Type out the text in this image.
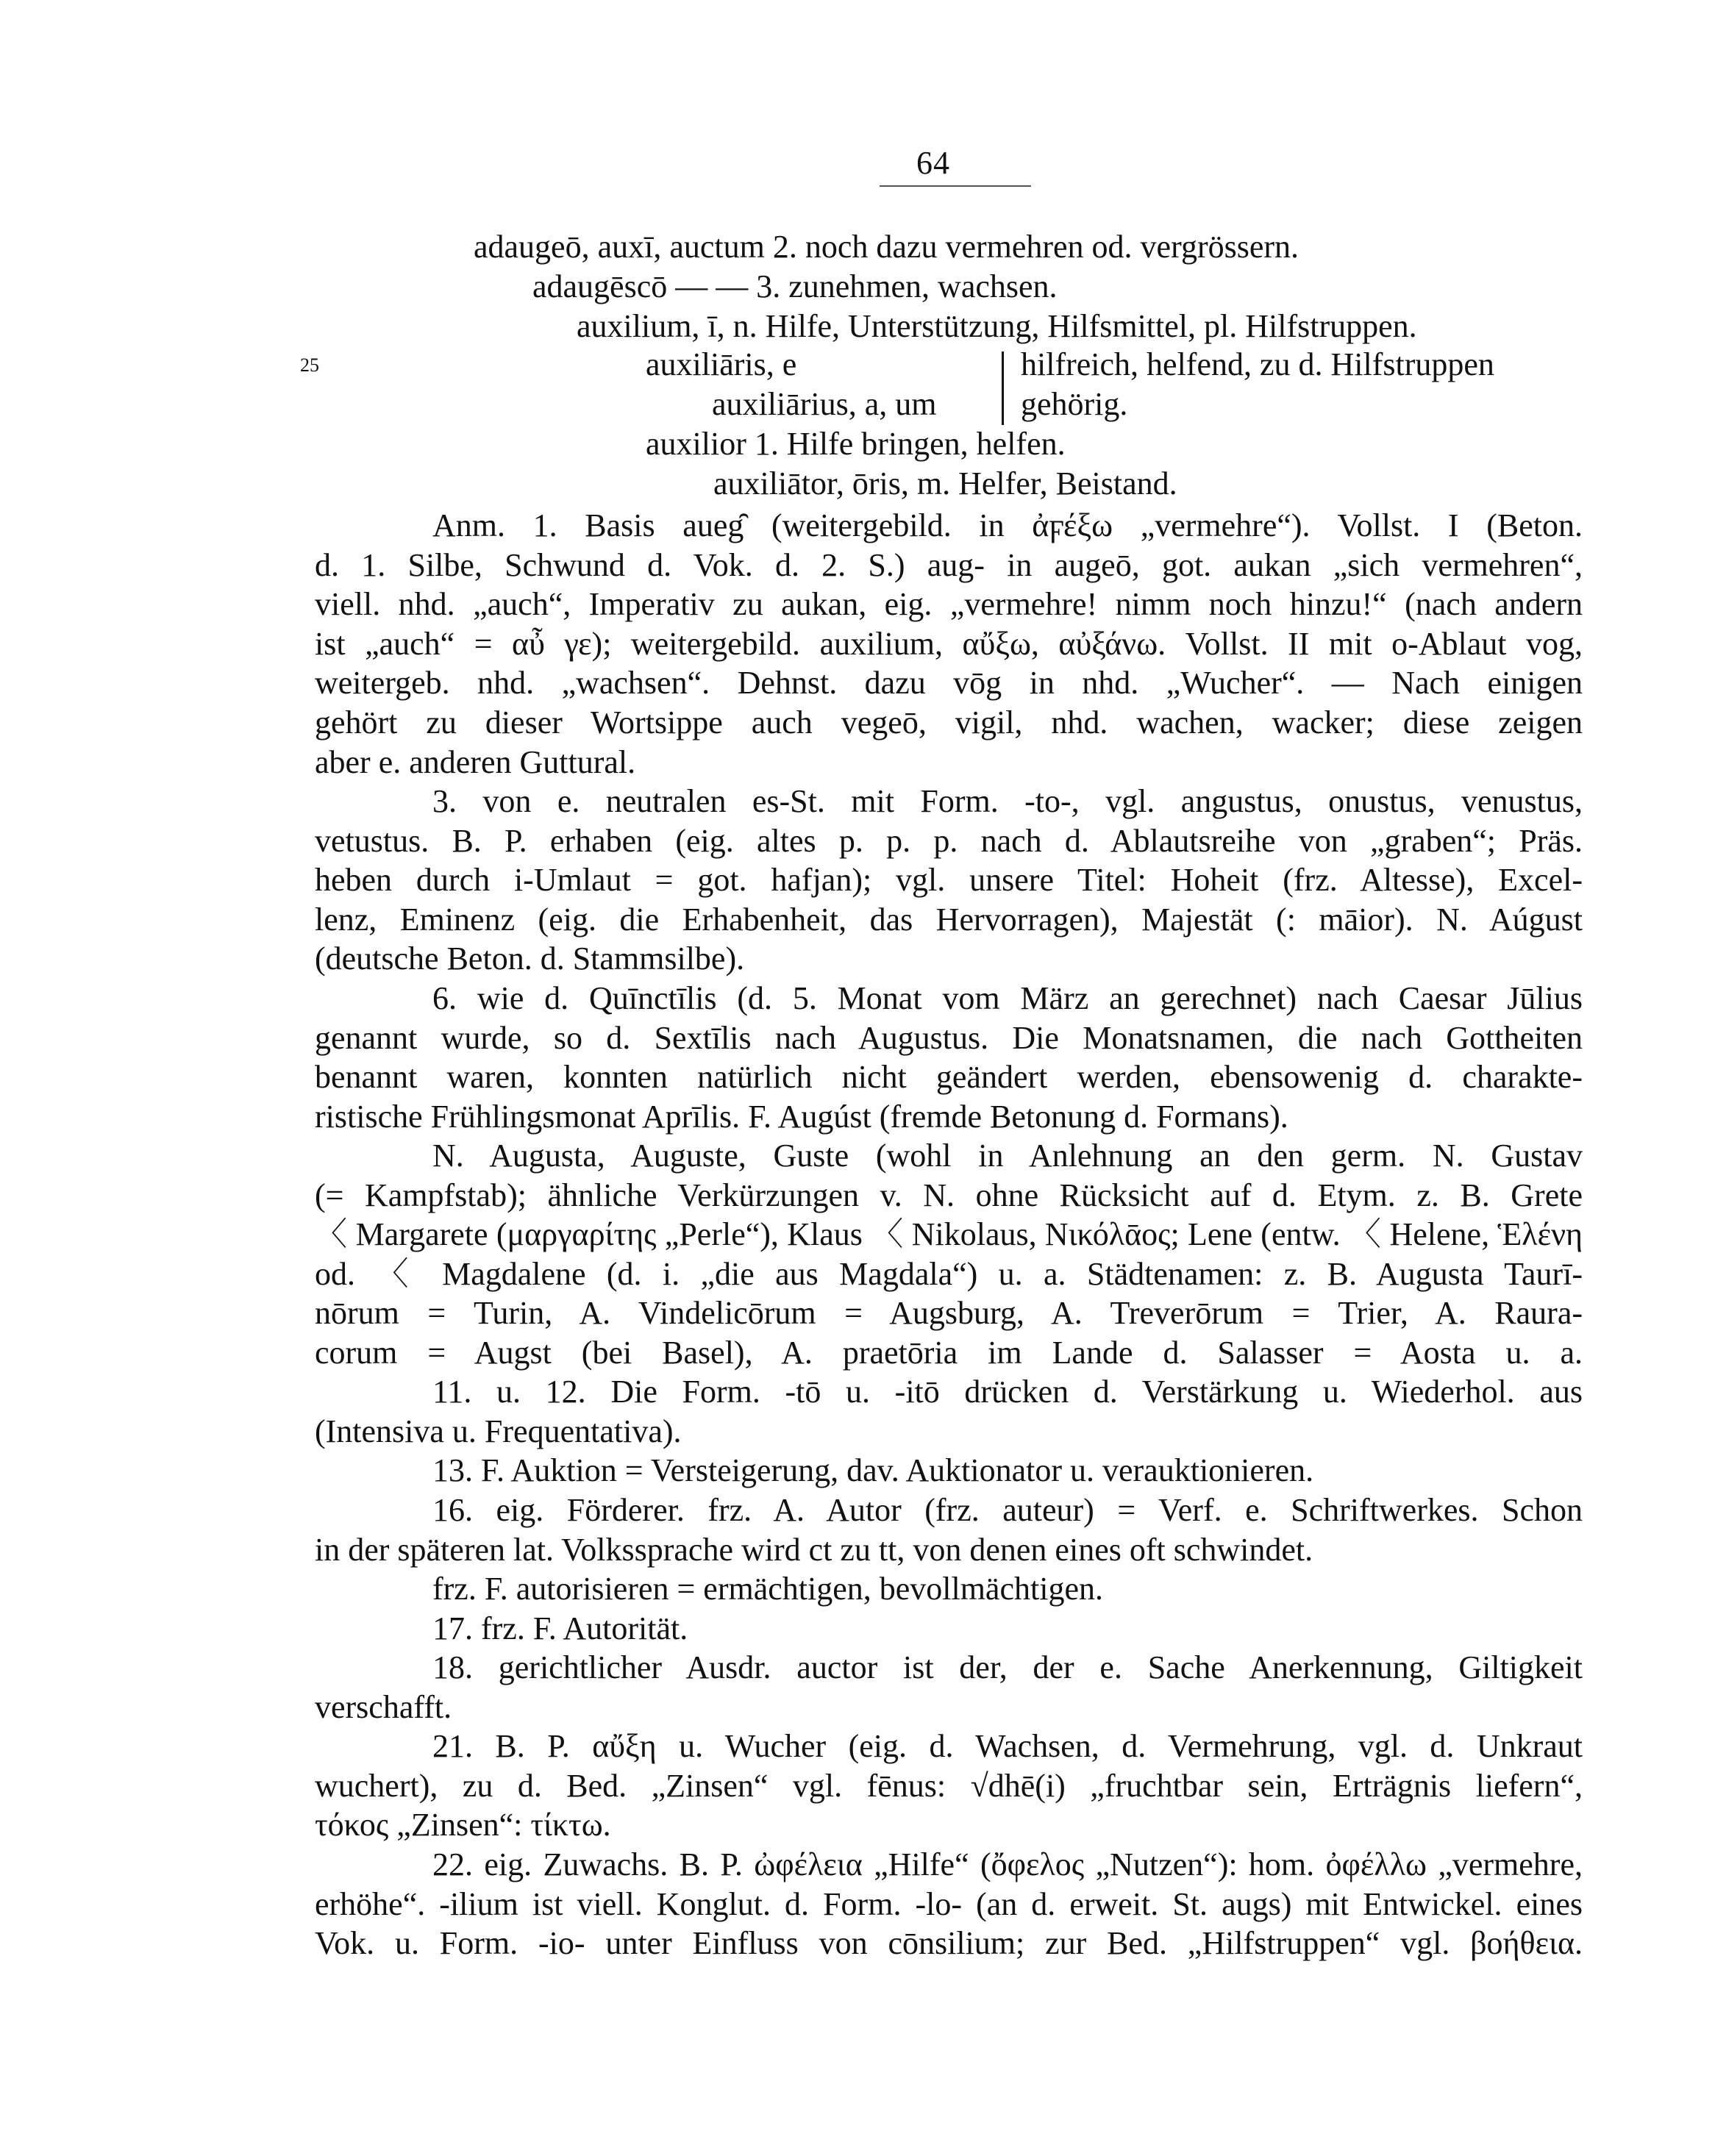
64
25
adaugeō, auxī, auctum 2. noch dazu vermehren od. vergrössern.
adaugēscō — — 3. zunehmen, wachsen.
auxilium, ī, n. Hilfe, Unterstützung, Hilfsmittel, pl. Hilfstruppen.
auxiliāris, e
auxiliārius, a, um
hilfreich, helfend, zu d. Hilfstruppen
gehörig.
auxilior 1. Hilfe bringen, helfen.
auxiliātor, ōris, m. Helfer, Beistand.
Anm. 1. Basis aueg̑ (weitergebild. in ἀϝέξω „vermehre“). Vollst. I (Beton.
d. 1. Silbe, Schwund d. Vok. d. 2. S.) aug- in augeō, got. aukan „sich vermehren“,
viell. nhd. „auch“, Imperativ zu aukan, eig. „vermehre! nimm noch hinzu!“ (nach andern
ist „auch“ = αὖ γε); weitergebild. auxilium, αὔξω, αὐξάνω. Vollst. II mit o-Ablaut vog,
weitergeb. nhd. „wachsen“. Dehnst. dazu vōg in nhd. „Wucher“. — Nach einigen
gehört zu dieser Wortsippe auch vegeō, vigil, nhd. wachen, wacker; diese zeigen
aber e. anderen Guttural.
3. von e. neutralen es-St. mit Form. -to-, vgl. angustus, onustus, venustus,
vetustus. B. P. erhaben (eig. altes p. p. p. nach d. Ablautsreihe von „graben“; Präs.
heben durch i-Umlaut = got. hafjan); vgl. unsere Titel: Hoheit (frz. Altesse), Excel-
lenz, Eminenz (eig. die Erhabenheit, das Hervorragen), Majestät (: māior). N. Aúgust
(deutsche Beton. d. Stammsilbe).
6. wie d. Quīnctīlis (d. 5. Monat vom März an gerechnet) nach Caesar Jūlius
genannt wurde, so d. Sextīlis nach Augustus. Die Monatsnamen, die nach Gottheiten
benannt waren, konnten natürlich nicht geändert werden, ebensowenig d. charakte-
ristische Frühlingsmonat Aprīlis. F. Augúst (fremde Betonung d. Formans).
N. Augusta, Auguste, Guste (wohl in Anlehnung an den germ. N. Gustav
(= Kampfstab); ähnliche Verkürzungen v. N. ohne Rücksicht auf d. Etym. z. B. Grete
〈 Margarete (μαργαρίτης „Perle“), Klaus 〈 Nikolaus, Νικόλᾱος; Lene (entw. 〈 Helene, Ἑλένη
od. 〈 Magdalene (d. i. „die aus Magdala“) u. a. Städtenamen: z. B. Augusta Taurī-
nōrum = Turin, A. Vindelicōrum = Augsburg, A. Treverōrum = Trier, A. Raura-
corum = Augst (bei Basel), A. praetōria im Lande d. Salasser = Aosta u. a.
11. u. 12. Die Form. -tō u. -itō drücken d. Verstärkung u. Wiederhol. aus
(Intensiva u. Frequentativa).
13. F. Auktion = Versteigerung, dav. Auktionator u. verauktionieren.
16. eig. Förderer. frz. A. Autor (frz. auteur) = Verf. e. Schriftwerkes. Schon
in der späteren lat. Volkssprache wird ct zu tt, von denen eines oft schwindet.
frz. F. autorisieren = ermächtigen, bevollmächtigen.
17. frz. F. Autorität.
18. gerichtlicher Ausdr. auctor ist der, der e. Sache Anerkennung, Giltigkeit
verschafft.
21. B. P. αὔξη u. Wucher (eig. d. Wachsen, d. Vermehrung, vgl. d. Unkraut
wuchert), zu d. Bed. „Zinsen“ vgl. fēnus: √dhē(i) „fruchtbar sein, Erträgnis liefern“,
τόκος „Zinsen“: τίκτω.
22. eig. Zuwachs. B. P. ὠφέλεια „Hilfe“ (ὄφελος „Nutzen“): hom. ὀφέλλω „vermehre,
erhöhe“. -ilium ist viell. Konglut. d. Form. -lo- (an d. erweit. St. augs) mit Entwickel. eines
Vok. u. Form. -io- unter Einfluss von cōnsilium; zur Bed. „Hilfstruppen“ vgl. βοήθεια.
